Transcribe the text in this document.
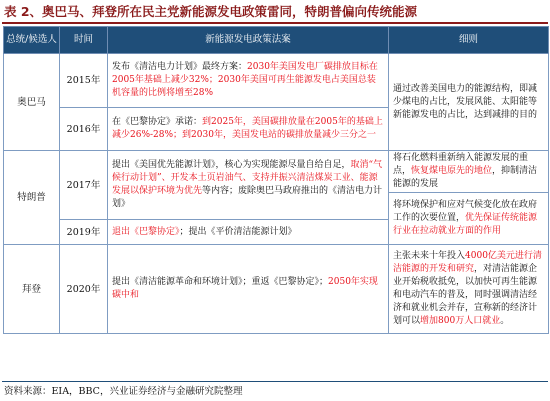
表 2、奥巴马、拜登所在民主党新能源发电政策雷同，特朗普偏向传统能源
总统/候选人	时间	新能源发电政策法案	细则
奥巴马	2015年	发布《清洁电力计划》最终方案：2030年美国发电厂碳排放目标在2005年基础上减少32%；2030年美国可再生能源发电占美国总装机容量的比例将增至28%	通过改善美国电力的能源结构，即减少煤电的占比，发展风能、太阳能等新能源发电的占比，达到减排的目的
	2016年	在《巴黎协定》承诺：到2025年，美国碳排放量在2005年的基础上减少26%-28%；到2030年，美国发电站的碳排放量减少三分之一	
特朗普	2017年	提出《美国优先能源计划》，核心为实现能源尽量自给自足，取消“气候行动计划”、开发本土页岩油气、支持并振兴清洁煤炭工业、能源发展以保护环境为优先等内容；废除奥巴马政府推出的《清洁电力计划》	将石化燃料重新纳入能源发展的重点，恢复煤电原先的地位，抑制清洁能源的发展
			将环境保护和应对气候变化放在政府工作的次要位置，优先保证传统能源行业在拉动就业方面的作用
	2019年	退出《巴黎协定》；提出《平价清洁能源计划》	
拜登	2020年	提出《清洁能源革命和环境计划》；重返《巴黎协定》；2050年实现碳中和	主张未来十年投入4000亿美元进行清洁能源的开发和研究，对清洁能源企业开始税收抵免，以加快可再生能源和电动汽车的普及，同时强调清洁经济和就业机会并存，宣称新的经济计划可以增加800万人口就业。
资料来源：EIA，BBC，兴业证券经济与金融研究院整理
